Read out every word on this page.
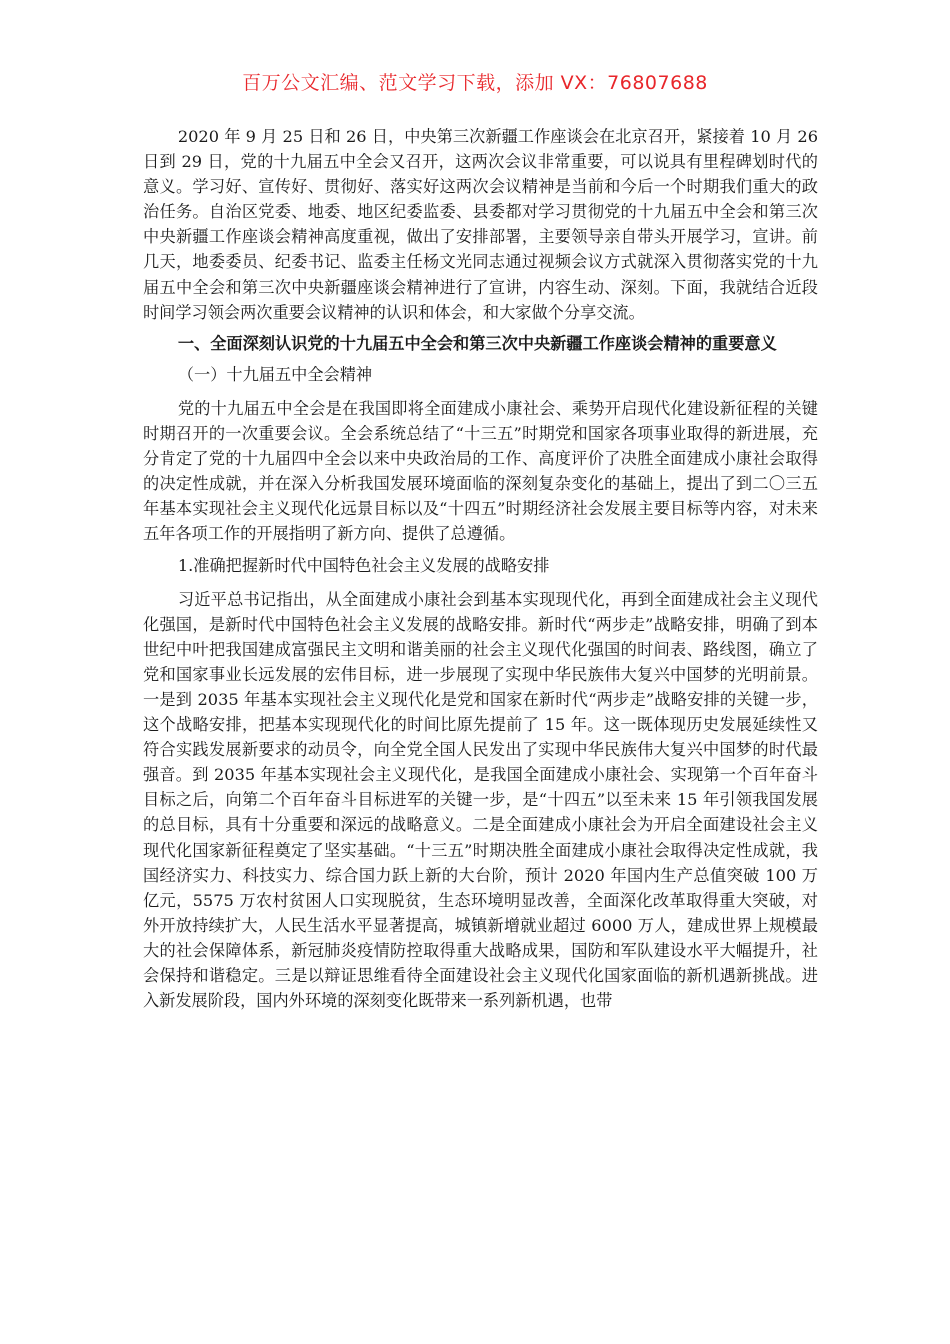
百万公文汇编、范文学习下载，添加 VX：76807688

2020 年 9 月 25 日和 26 日，中央第三次新疆工作座谈会在北京召开，紧接着 10 月 26 日到 29 日，党的十九届五中全会又召开，这两次会议非常重要，可以说具有里程碑划时代的意义。学习好、宣传好、贯彻好、落实好这两次会议精神是当前和今后一个时期我们重大的政治任务。自治区党委、地委、地区纪委监委、县委都对学习贯彻党的十九届五中全会和第三次中央新疆工作座谈会精神高度重视，做出了安排部署，主要领导亲自带头开展学习，宣讲。前几天，地委委员、纪委书记、监委主任杨文光同志通过视频会议方式就深入贯彻落实党的十九届五中全会和第三次中央新疆座谈会精神进行了宣讲，内容生动、深刻。下面，我就结合近段时间学习领会两次重要会议精神的认识和体会，和大家做个分享交流。

一、全面深刻认识党的十九届五中全会和第三次中央新疆工作座谈会精神的重要意义

（一）十九届五中全会精神

党的十九届五中全会是在我国即将全面建成小康社会、乘势开启现代化建设新征程的关键时期召开的一次重要会议。全会系统总结了“十三五”时期党和国家各项事业取得的新进展，充分肯定了党的十九届四中全会以来中央政治局的工作、高度评价了决胜全面建成小康社会取得的决定性成就，并在深入分析我国发展环境面临的深刻复杂变化的基础上，提出了到二〇三五年基本实现社会主义现代化远景目标以及“十四五”时期经济社会发展主要目标等内容，对未来五年各项工作的开展指明了新方向、提供了总遵循。

1.准确把握新时代中国特色社会主义发展的战略安排

习近平总书记指出，从全面建成小康社会到基本实现现代化，再到全面建成社会主义现代化强国，是新时代中国特色社会主义发展的战略安排。新时代“两步走”战略安排，明确了到本世纪中叶把我国建成富强民主文明和谐美丽的社会主义现代化强国的时间表、路线图，确立了党和国家事业长远发展的宏伟目标，进一步展现了实现中华民族伟大复兴中国梦的光明前景。一是到 2035 年基本实现社会主义现代化是党和国家在新时代“两步走”战略安排的关键一步，这个战略安排，把基本实现现代化的时间比原先提前了 15 年。这一既体现历史发展延续性又符合实践发展新要求的动员令，向全党全国人民发出了实现中华民族伟大复兴中国梦的时代最强音。到 2035 年基本实现社会主义现代化，是我国全面建成小康社会、实现第一个百年奋斗目标之后，向第二个百年奋斗目标进军的关键一步，是“十四五”以至未来 15 年引领我国发展的总目标，具有十分重要和深远的战略意义。二是全面建成小康社会为开启全面建设社会主义现代化国家新征程奠定了坚实基础。“十三五”时期决胜全面建成小康社会取得决定性成就，我国经济实力、科技实力、综合国力跃上新的大台阶，预计 2020 年国内生产总值突破 100 万亿元，5575 万农村贫困人口实现脱贫，生态环境明显改善，全面深化改革取得重大突破，对外开放持续扩大，人民生活水平显著提高，城镇新增就业超过 6000 万人，建成世界上规模最大的社会保障体系，新冠肺炎疫情防控取得重大战略成果，国防和军队建设水平大幅提升，社会保持和谐稳定。三是以辩证思维看待全面建设社会主义现代化国家面临的新机遇新挑战。进入新发展阶段，国内外环境的深刻变化既带来一系列新机遇，也带
